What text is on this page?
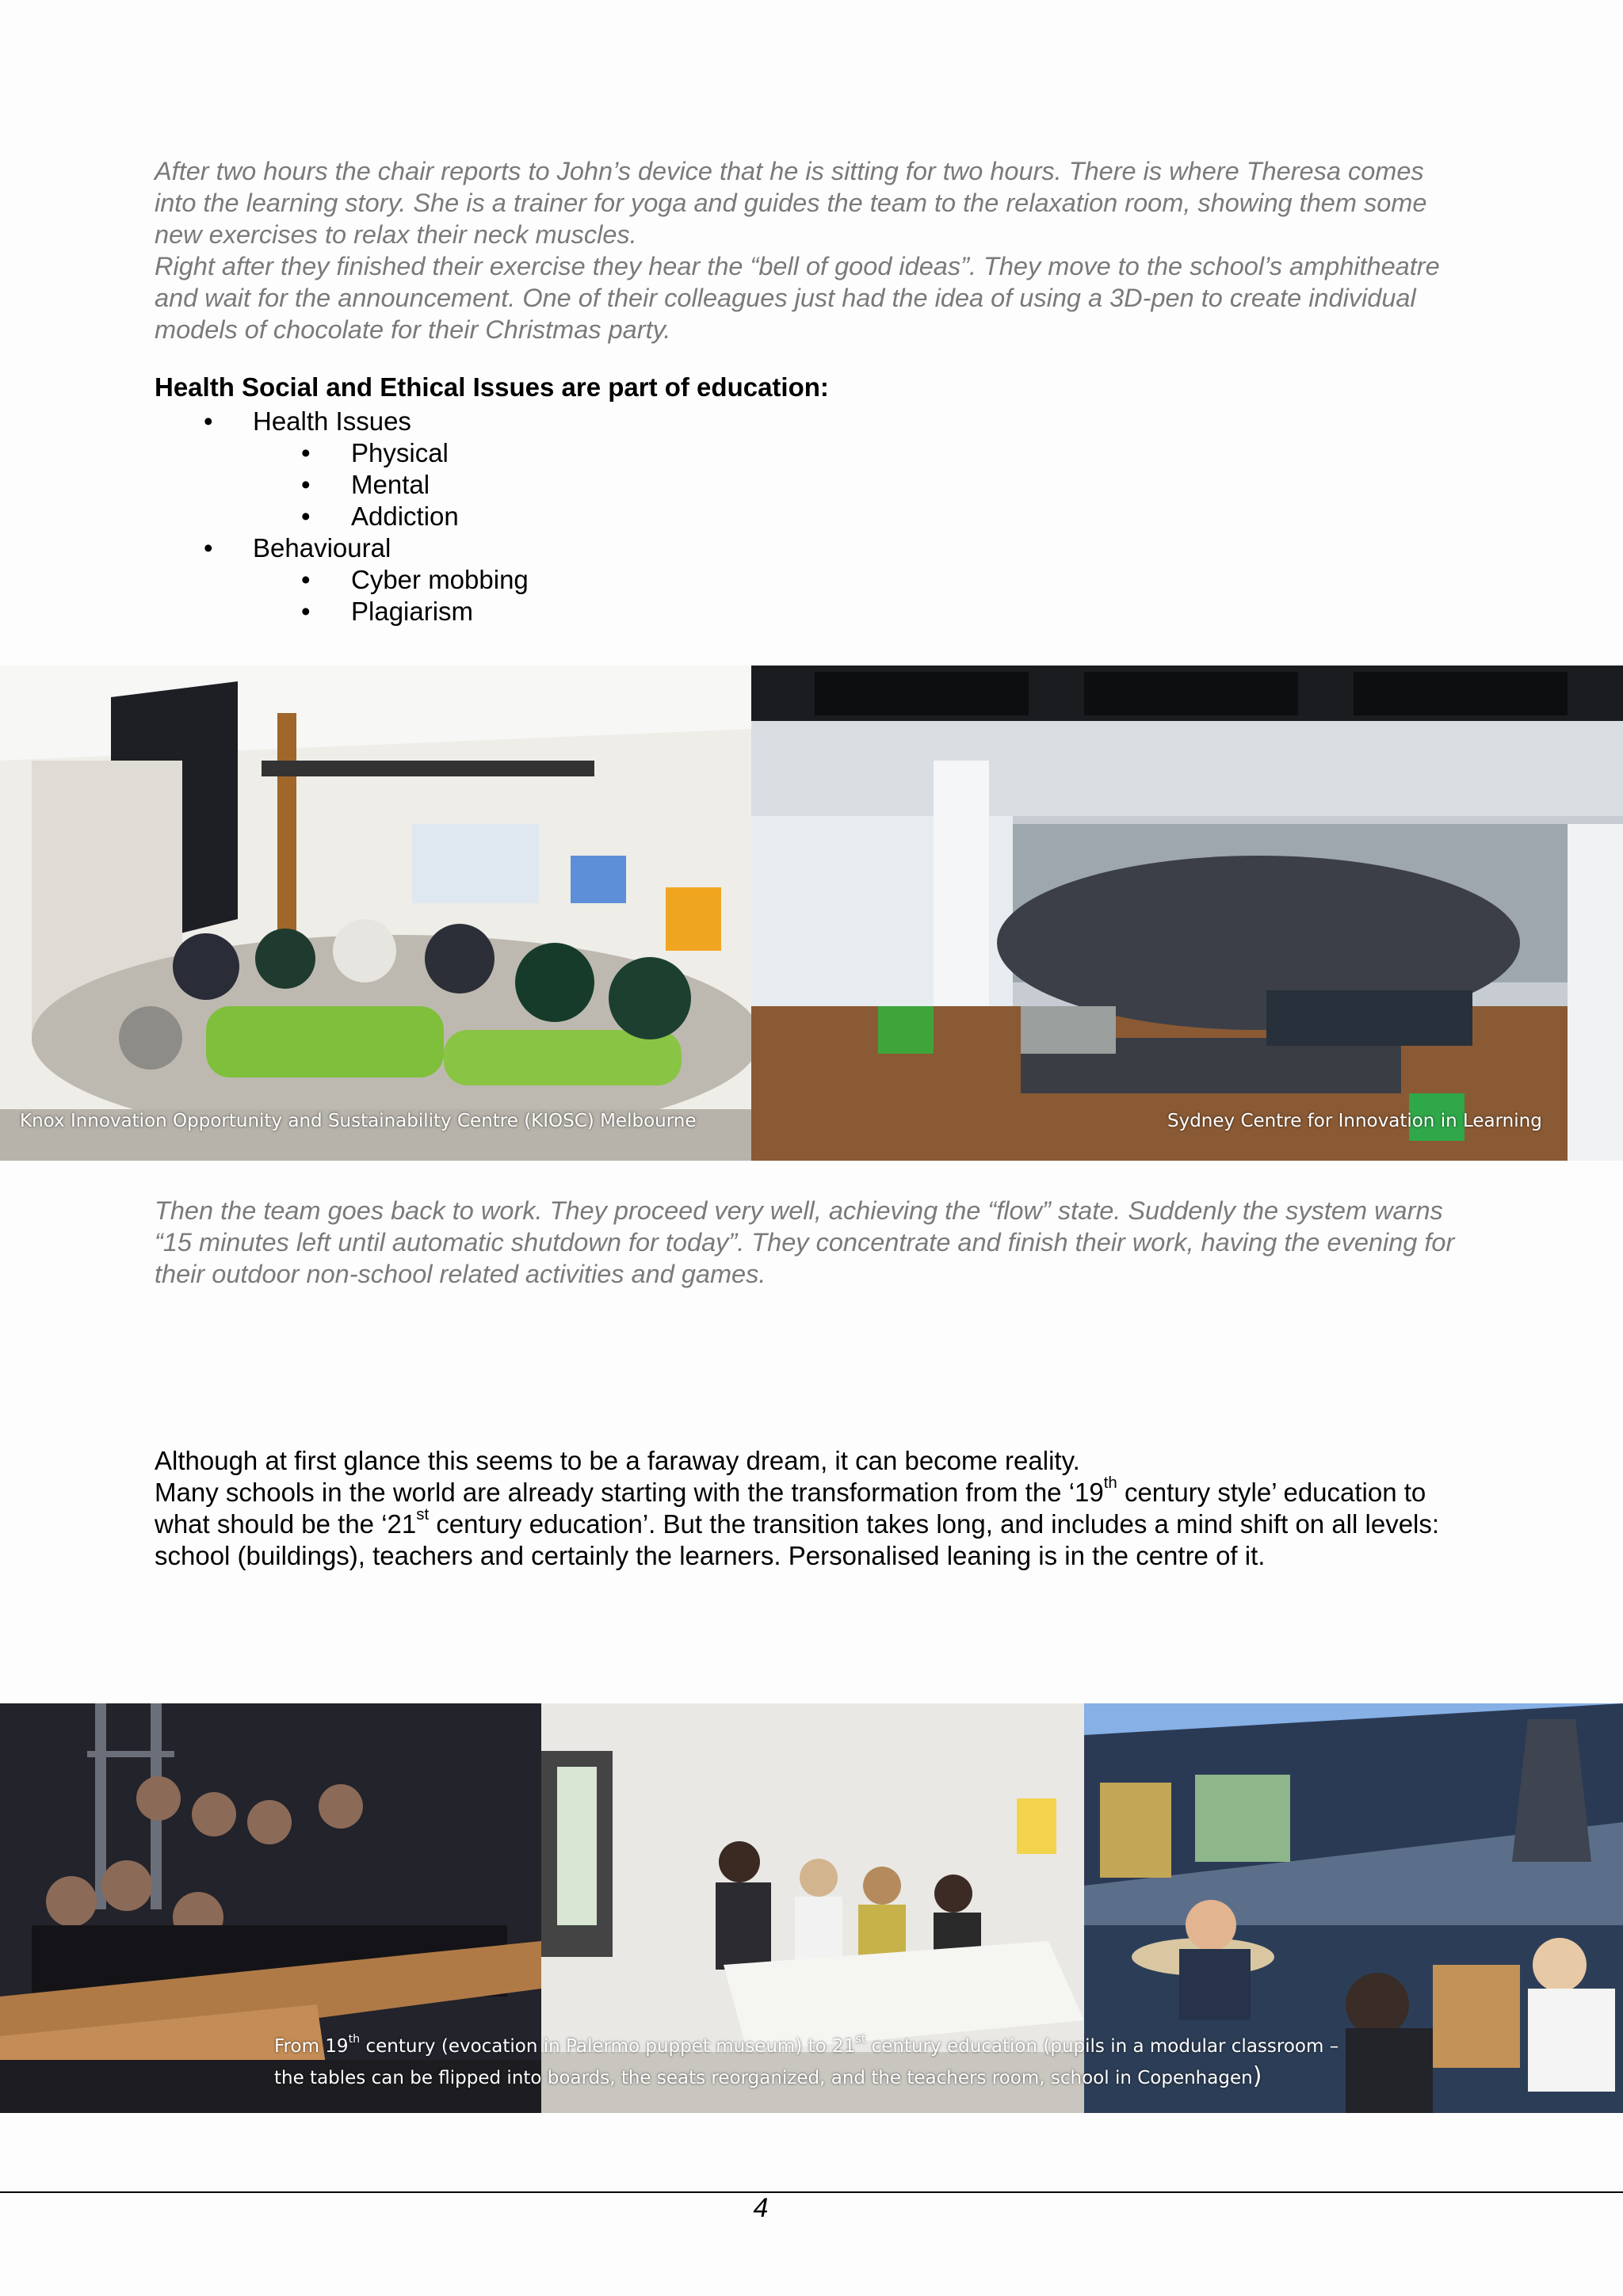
After two hours the chair reports to John’s device that he is sitting for two hours. There is where Theresa comes into the learning story. She is a trainer for yoga and guides the team to the relaxation room, showing them some new exercises to relax their neck muscles.

Right after they finished their exercise they hear the “bell of good ideas”. They move to the school’s amphitheatre and wait for the announcement. One of their colleagues just had the idea of using a 3D-pen to create individual models of chocolate for their Christmas party.

Health Social and Ethical Issues are part of education:
• Health Issues
• Physical
• Mental
• Addiction
• Behavioural
• Cyber mobbing
• Plagiarism
Knox Innovation Opportunity and Sustainability Centre (KIOSC) Melbourne	Sydney Centre for Innovation in Learning

Then the team goes back to work. They proceed very well, achieving the “flow” state. Suddenly the system warns “15 minutes left until automatic shutdown for today”. They concentrate and finish their work, having the evening for their outdoor non-school related activities and games.

Although at first glance this seems to be a faraway dream, it can become reality.

Many schools in the world are already starting with the transformation from the ‘19th century style’ education to what should be the ‘21st century education’. But the transition takes long, and includes a mind shift on all levels: school (buildings), teachers and certainly the learners. Personalised leaning is in the centre of it.

From 19th century (evocation in Palermo puppet museum) to 21st century education (pupils in a modular classroom –
the tables can be flipped into boards, the seats reorganized, and the teachers room, school in Copenhagen)
4
